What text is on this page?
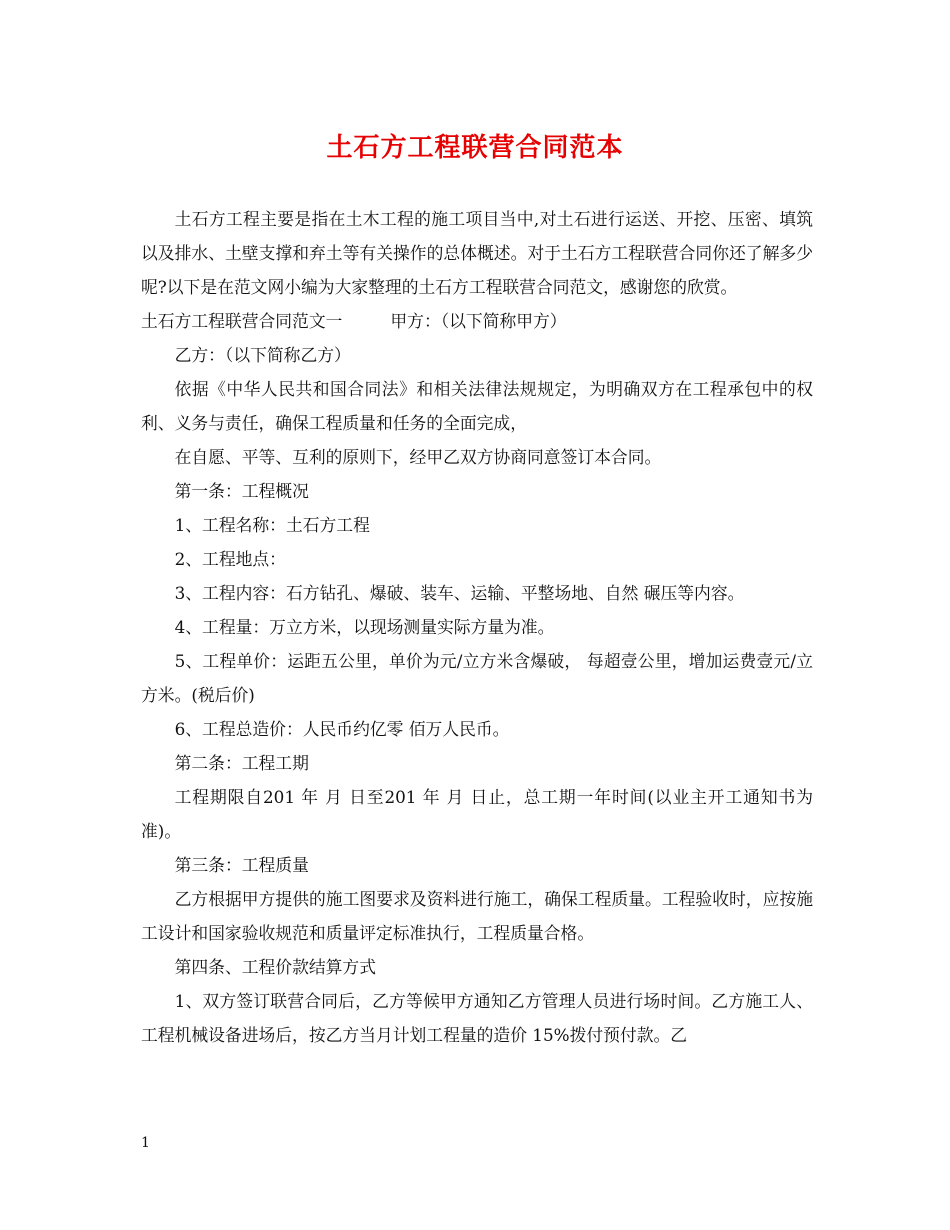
土石方工程联营合同范本

土石方工程主要是指在土木工程的施工项目当中,对土石进行运送、开挖、压密、填筑以及排水、土壁支撑和弃土等有关操作的总体概述。对于土石方工程联营合同你还了解多少呢?以下是在范文网小编为大家整理的土石方工程联营合同范文，感谢您的欣赏。

土石方工程联营合同范文一	甲方：（以下简称甲方）

乙方：（以下简称乙方）

依据《中华人民共和国合同法》和相关法律法规规定，为明确双方在工程承包中的权利、义务与责任，确保工程质量和任务的全面完成，

在自愿、平等、互利的原则下，经甲乙双方协商同意签订本合同。

第一条：工程概况

1、工程名称：土石方工程

2、工程地点：

3、工程内容：石方钻孔、爆破、装车、运输、平整场地、自然 碾压等内容。

4、工程量：万立方米，以现场测量实际方量为准。

5、工程单价：运距五公里，单价为元/立方米含爆破， 每超壹公里，增加运费壹元/立方米。(税后价)

6、工程总造价：人民币约亿零 佰万人民币。

第二条：工程工期

工程期限自201 年 月 日至201 年 月 日止，总工期一年时间(以业主开工通知书为准)。

第三条：工程质量

乙方根据甲方提供的施工图要求及资料进行施工，确保工程质量。工程验收时，应按施工设计和国家验收规范和质量评定标准执行，工程质量合格。

第四条、工程价款结算方式

1、双方签订联营合同后，乙方等候甲方通知乙方管理人员进行场时间。乙方施工人、工程机械设备进场后，按乙方当月计划工程量的造价 15%拨付预付款。乙

1
